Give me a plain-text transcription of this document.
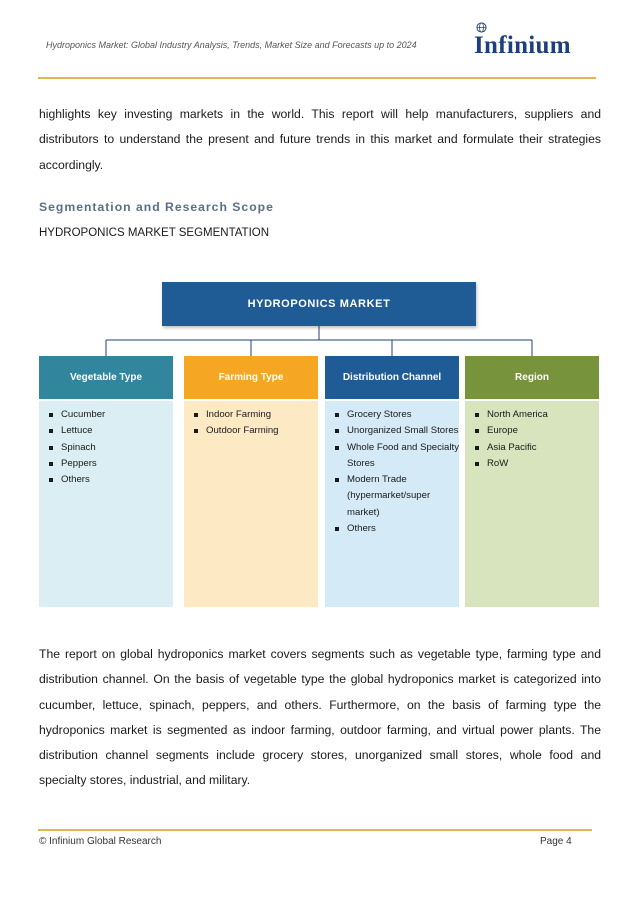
Hydroponics Market: Global Industry Analysis, Trends, Market Size and Forecasts up to 2024	Infinium

highlights key investing markets in the world. This report will help manufacturers, suppliers and distributors to understand the present and future trends in this market and formulate their strategies accordingly.

Segmentation and Research Scope
HYDROPONICS MARKET SEGMENTATION
HYDROPONICS MARKET
Vegetable Type
Cucumber
Lettuce
Spinach
Peppers
Others
Farming Type
Indoor Farming
Outdoor Farming
Distribution Channel
Grocery Stores
Unorganized Small Stores
Whole Food and Specialty Stores
Modern Trade (hypermarket/super market)
Others
Region
North America
Europe
Asia Pacific
RoW

The report on global hydroponics market covers segments such as vegetable type, farming type and distribution channel. On the basis of vegetable type the global hydroponics market is categorized into cucumber, lettuce, spinach, peppers, and others. Furthermore, on the basis of farming type the hydroponics market is segmented as indoor farming, outdoor farming, and virtual power plants. The distribution channel segments include grocery stores, unorganized small stores, whole food and specialty stores, industrial, and military.

© Infinium Global Research	Page 4
